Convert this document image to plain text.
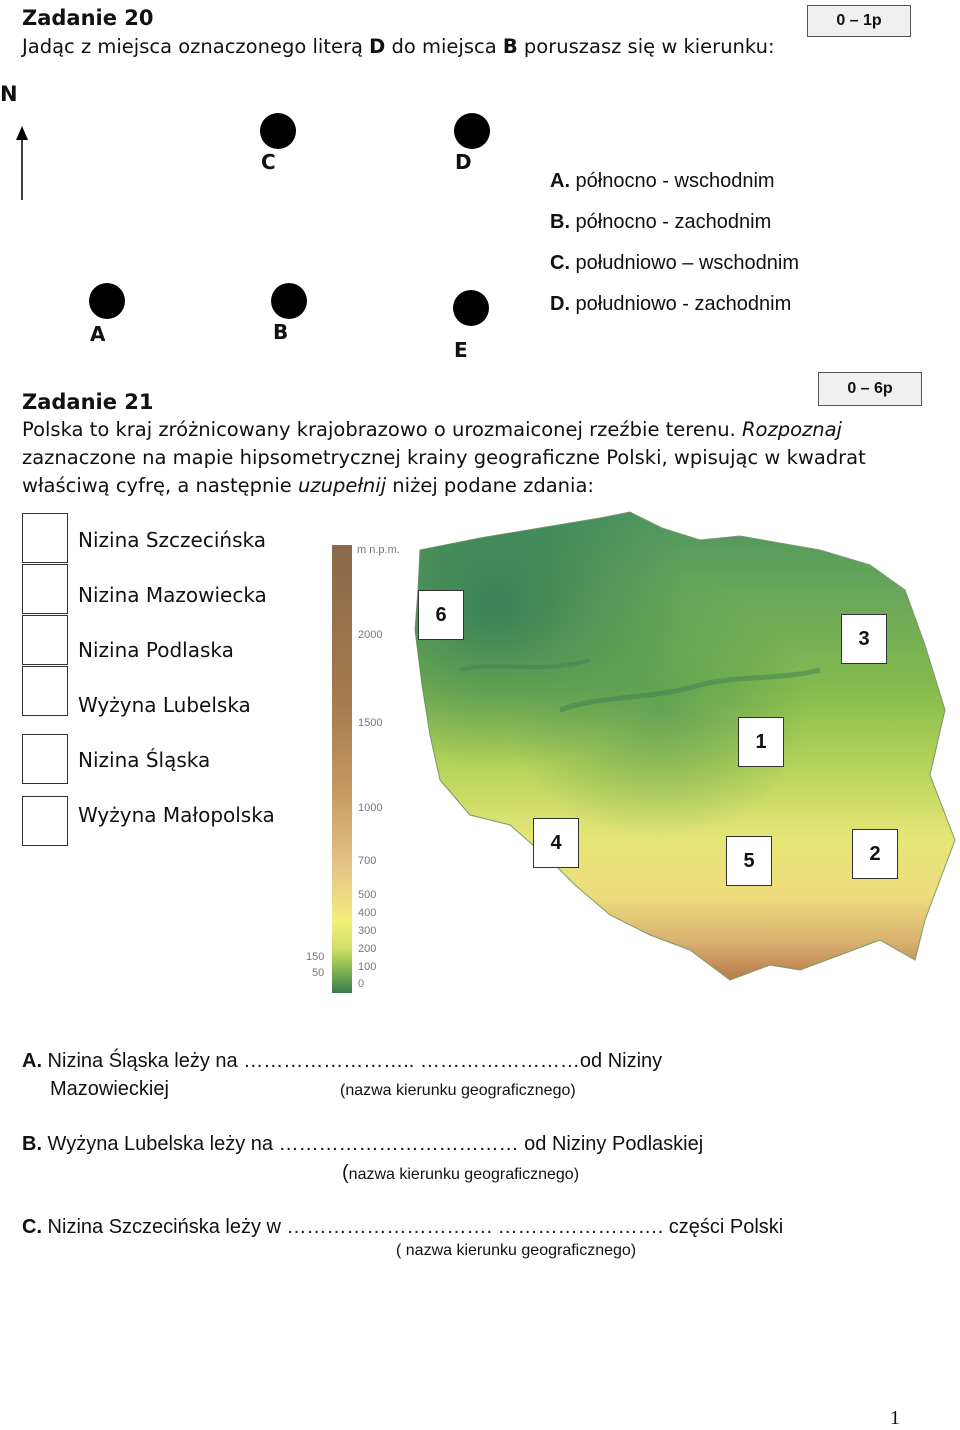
Zadanie 20	0 – 1p
Jadąc z miejsca oznaczonego literą D do miejsca B poruszasz się w kierunku:
N
C	D
A	B
E
A. północno - wschodnim
B. północno - zachodnim
C. południowo – wschodnim
D. południowo - zachodnim
0 – 6p
Zadanie 21
Polska to kraj zróżnicowany krajobrazowo o urozmaiconej rzeźbie terenu. Rozpoznaj
zaznaczone na mapie hipsometrycznej krainy geograficzne Polski, wpisując w kwadrat
właściwą cyfrę, a następnie uzupełnij niżej podane zdania:
Nizina Szczecińska
Nizina Mazowiecka
Nizina Podlaska
Wyżyna Lubelska
Nizina Śląska
Wyżyna Małopolska
m n.p.m.
2000
1500
1000
700
500
400
300
200
100
0
150
50
6
3
1
4
5	2
A. Nizina Śląska leży na …………………….. ……………………od Niziny
Mazowieckiej	(nazwa kierunku geograficznego)
B. Wyżyna Lubelska leży na ……………………………… od Niziny Podlaskiej
(nazwa kierunku geograficznego)
C. Nizina Szczecińska leży w …………………………. ……………………. części Polski
( nazwa kierunku geograficznego)
1
